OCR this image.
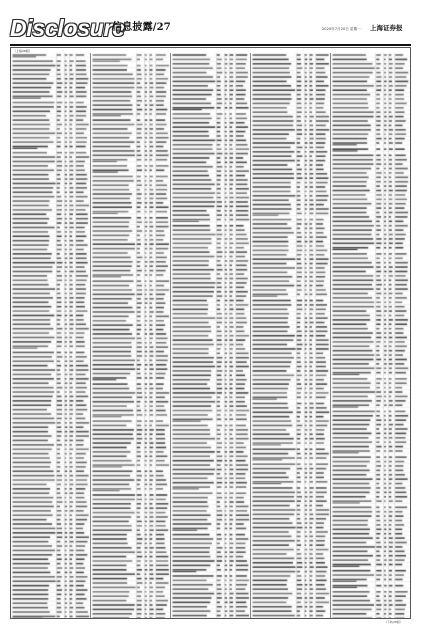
Disclosure
信息披露/27	2020年7月20日 星期一 上海证券报
（上接26版）
（下转28版）
